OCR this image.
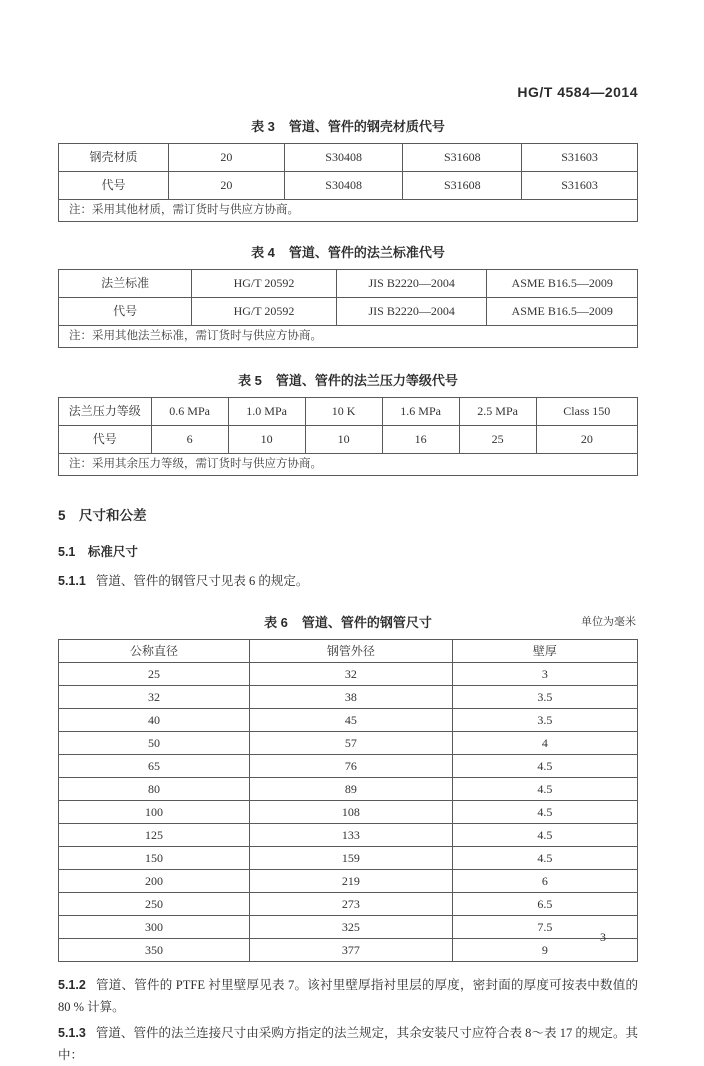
HG/T 4584—2014
表 3 管道、管件的钢壳材质代号
钢壳材质	20	S30408	S31608	S31603
代号	20	S30408	S31608	S31603
注：采用其他材质，需订货时与供应方协商。				
表 4 管道、管件的法兰标准代号
法兰标准	HG/T 20592	JIS B2220—2004	ASME B16.5—2009
代号	HG/T 20592	JIS B2220—2004	ASME B16.5—2009
注：采用其他法兰标准，需订货时与供应方协商。			
表 5 管道、管件的法兰压力等级代号
法兰压力等级	0.6 MPa	1.0 MPa	10 K	1.6 MPa	2.5 MPa	Class 150
代号	6	10	10	16	25	20
注：采用其余压力等级，需订货时与供应方协商。						
5　尺寸和公差
5.1　标准尺寸

5.1.1 管道、管件的钢管尺寸见表 6 的规定。

表 6 管道、管件的钢管尺寸	单位为毫米
公称直径	钢管外径	壁厚
25	32	3
32	38	3.5
40	45	3.5
50	57	4
65	76	4.5
80	89	4.5
100	108	4.5
125	133	4.5
150	159	4.5
200	219	6
250	273	6.5
300	325	7.5
350	377	9

5.1.2 管道、管件的 PTFE 衬里壁厚见表 7。该衬里壁厚指衬里层的厚度，密封面的厚度可按表中数值的 80 % 计算。

5.1.3 管道、管件的法兰连接尺寸由采购方指定的法兰规定，其余安装尺寸应符合表 8～表 17 的规定。其中：

3
